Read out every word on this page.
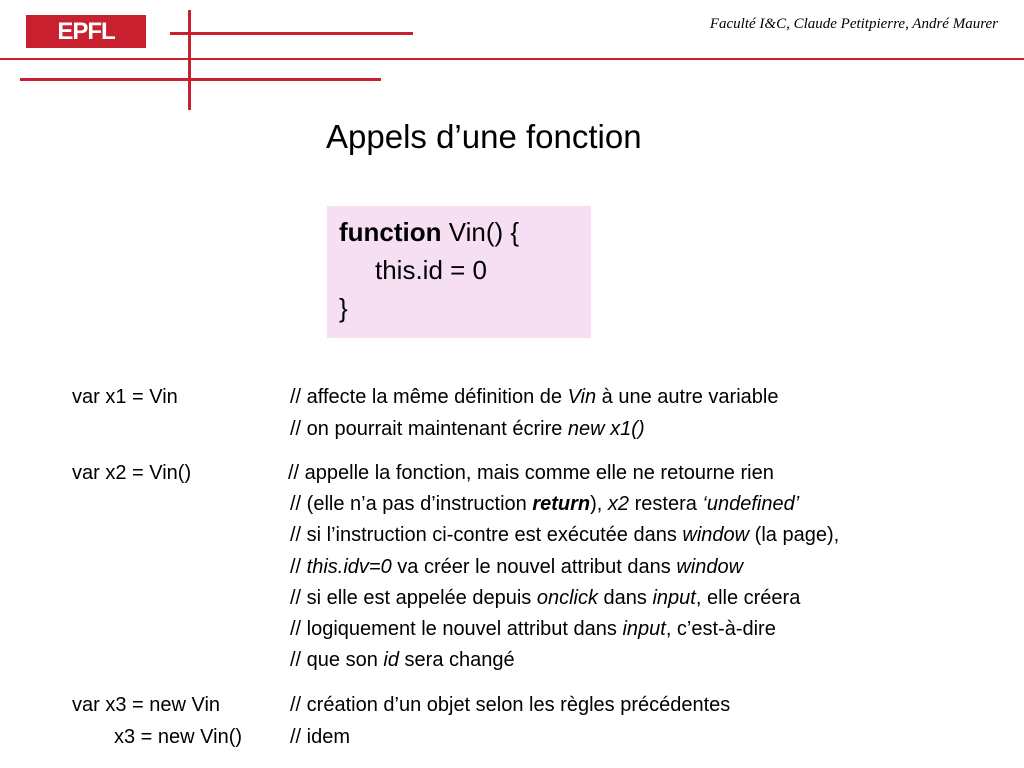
EPFL	Faculté I&C, Claude Petitpierre, André Maurer
Appels d’une fonction
function Vin() {
this.id = 0
}
var x1 = Vin	// affecte la même définition de Vin à une autre variable
// on pourrait maintenant écrire new x1()
var x2 = Vin()	// appelle la fonction, mais comme elle ne retourne rien
// (elle n’a pas d’instruction return), x2 restera ‘undefined’
// si l’instruction ci-contre est exécutée dans window (la page),
// this.idv=0 va créer le nouvel attribut dans window
// si elle est appelée depuis onclick dans input, elle créera
// logiquement le nouvel attribut dans input, c’est-à-dire
// que son id sera changé
var x3 = new Vin	// création d’un objet selon les règles précédentes
x3 = new Vin() // idem
